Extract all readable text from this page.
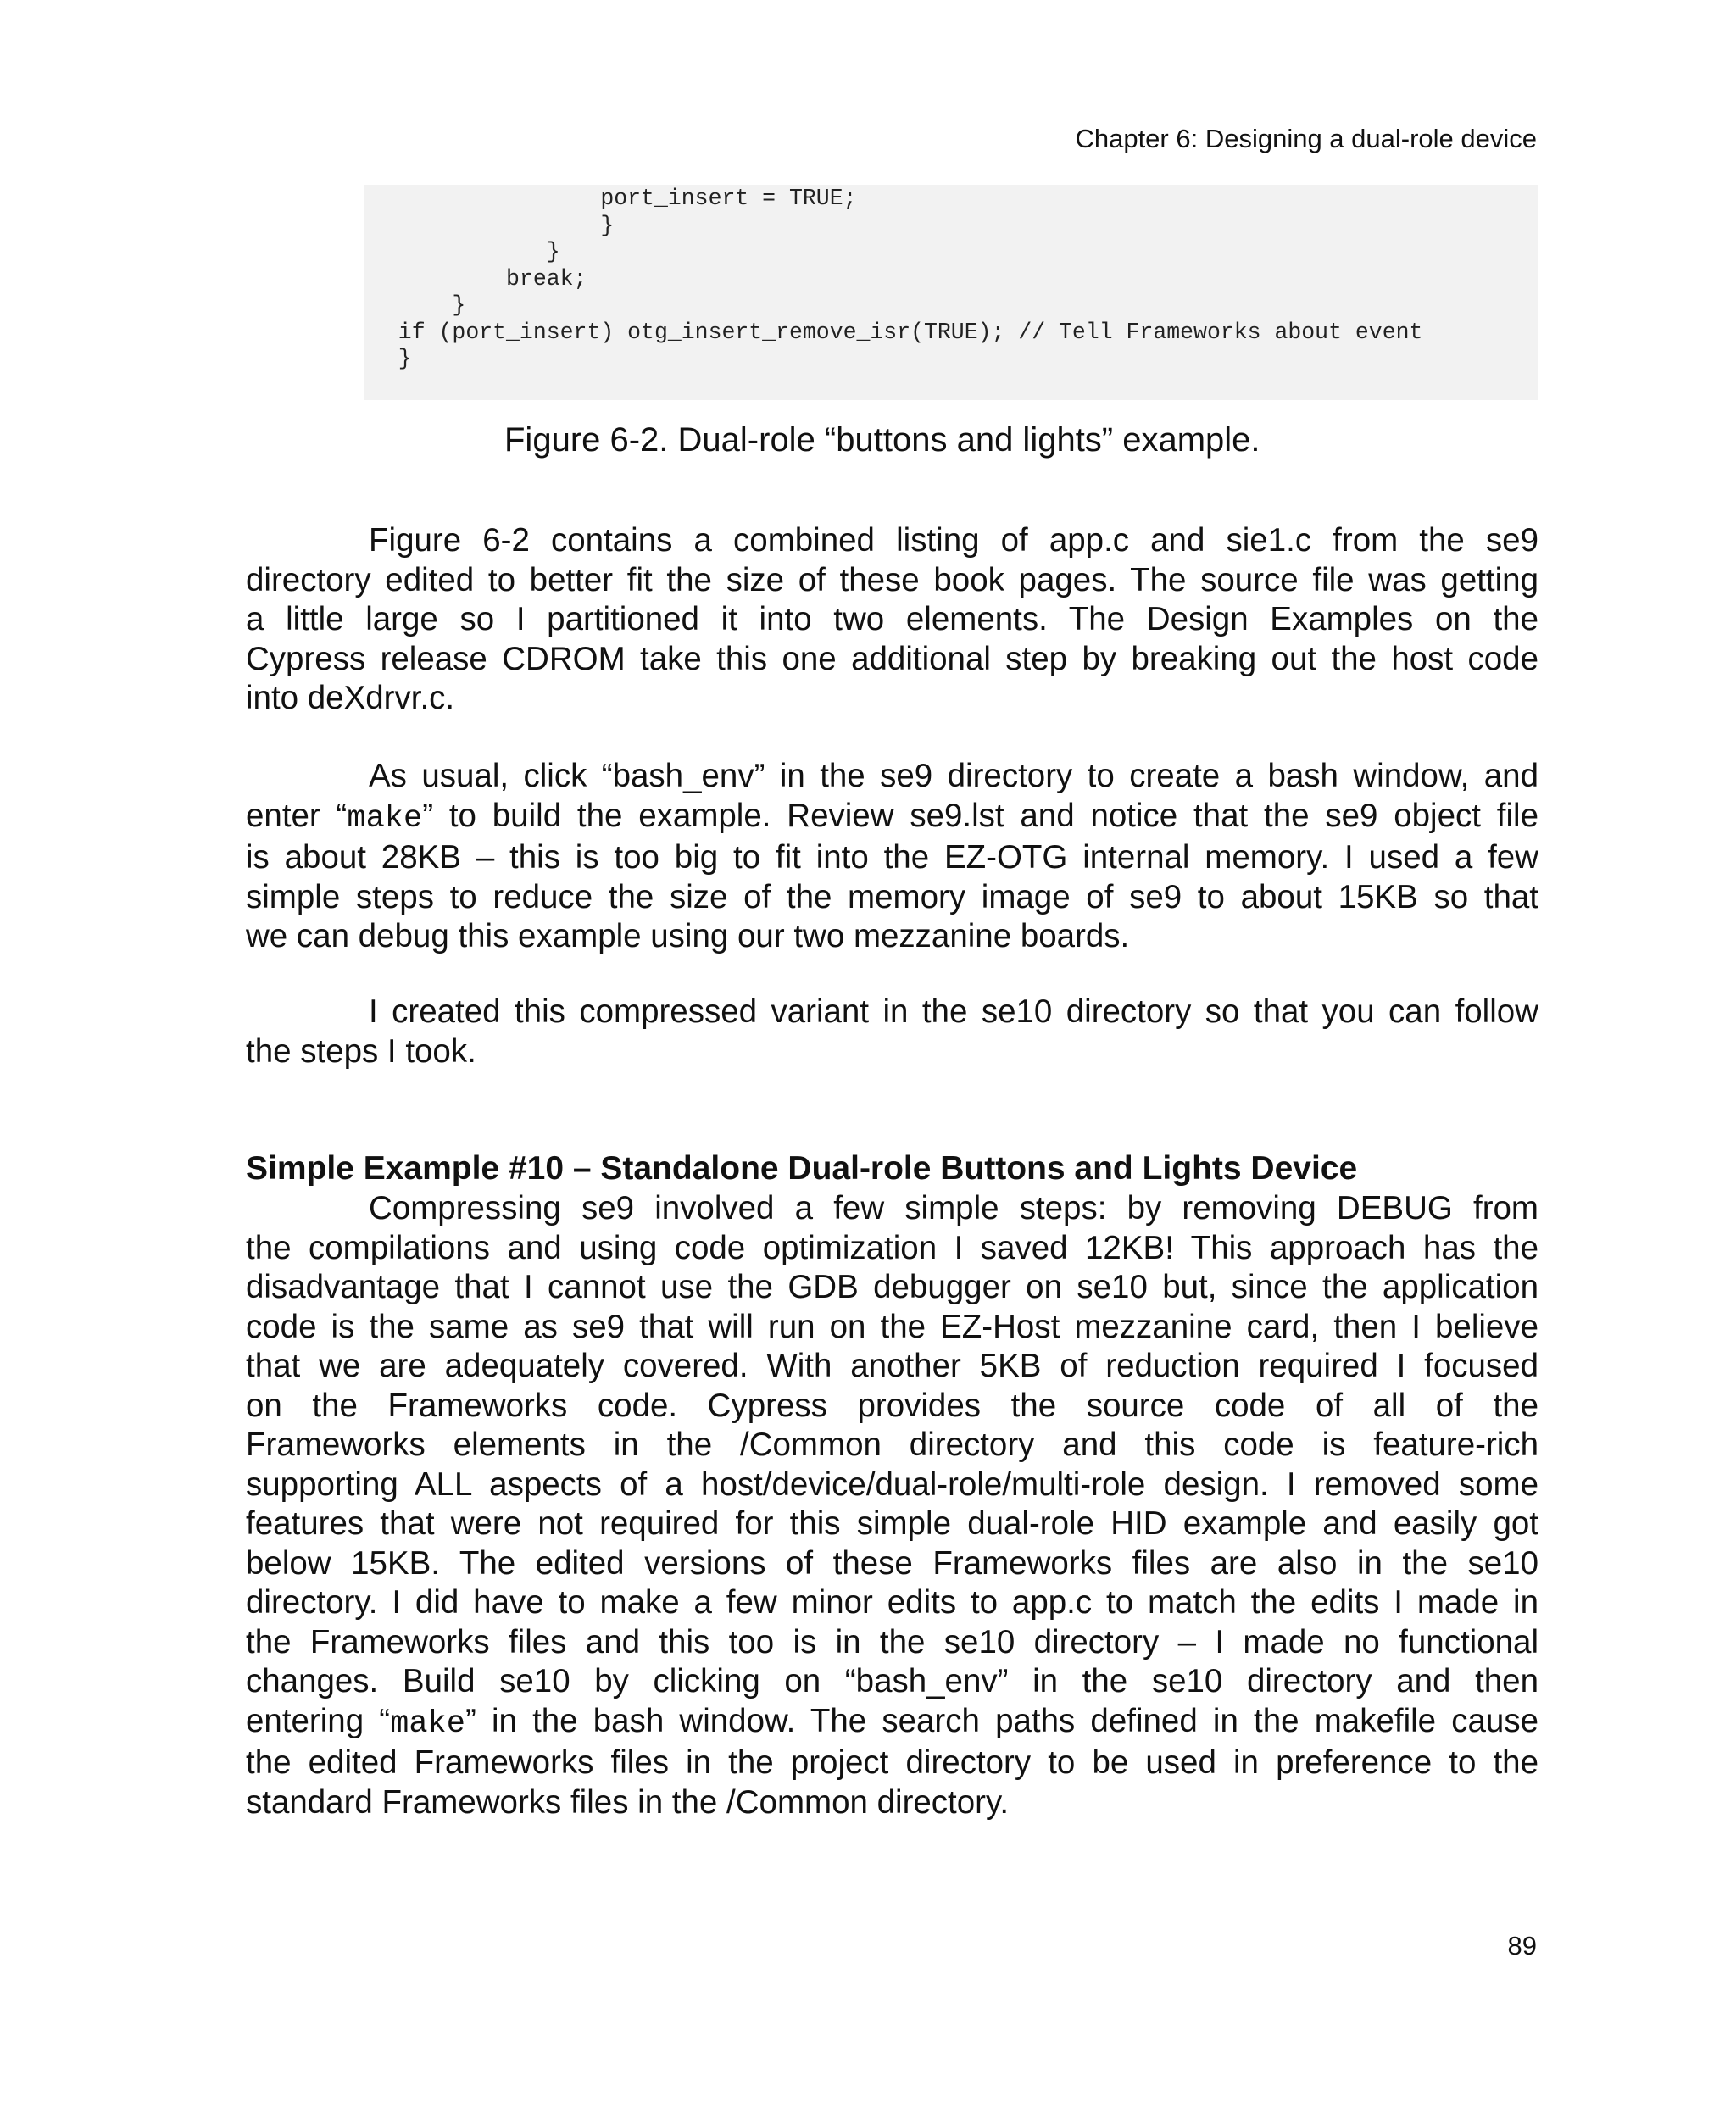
Chapter 6: Designing a dual-role device
port_insert = TRUE;
}
}
break;
}
if (port_insert) otg_insert_remove_isr(TRUE); // Tell Frameworks about event
}
Figure 6-2. Dual-role “buttons and lights” example.
Figure 6-2 contains a combined listing of app.c and sie1.c from the se9
directory edited to better fit the size of these book pages. The source file was getting
a little large so I partitioned it into two elements. The Design Examples on the
Cypress release CDROM take this one additional step by breaking out the host code
into deXdrvr.c.
As usual, click “bash_env” in the se9 directory to create a bash window, and
enter “make” to build the example. Review se9.lst and notice that the se9 object file
is about 28KB – this is too big to fit into the EZ-OTG internal memory. I used a few
simple steps to reduce the size of the memory image of se9 to about 15KB so that
we can debug this example using our two mezzanine boards.
I created this compressed variant in the se10 directory so that you can follow
the steps I took.
Simple Example #10 – Standalone Dual-role Buttons and Lights Device
Compressing se9 involved a few simple steps: by removing DEBUG from
the compilations and using code optimization I saved 12KB! This approach has the
disadvantage that I cannot use the GDB debugger on se10 but, since the application
code is the same as se9 that will run on the EZ-Host mezzanine card, then I believe
that we are adequately covered. With another 5KB of reduction required I focused
on the Frameworks code. Cypress provides the source code of all of the
Frameworks elements in the /Common directory and this code is feature-rich
supporting ALL aspects of a host/device/dual-role/multi-role design. I removed some
features that were not required for this simple dual-role HID example and easily got
below 15KB. The edited versions of these Frameworks files are also in the se10
directory. I did have to make a few minor edits to app.c to match the edits I made in
the Frameworks files and this too is in the se10 directory – I made no functional
changes. Build se10 by clicking on “bash_env” in the se10 directory and then
entering “make” in the bash window. The search paths defined in the makefile cause
the edited Frameworks files in the project directory to be used in preference to the
standard Frameworks files in the /Common directory.
89
